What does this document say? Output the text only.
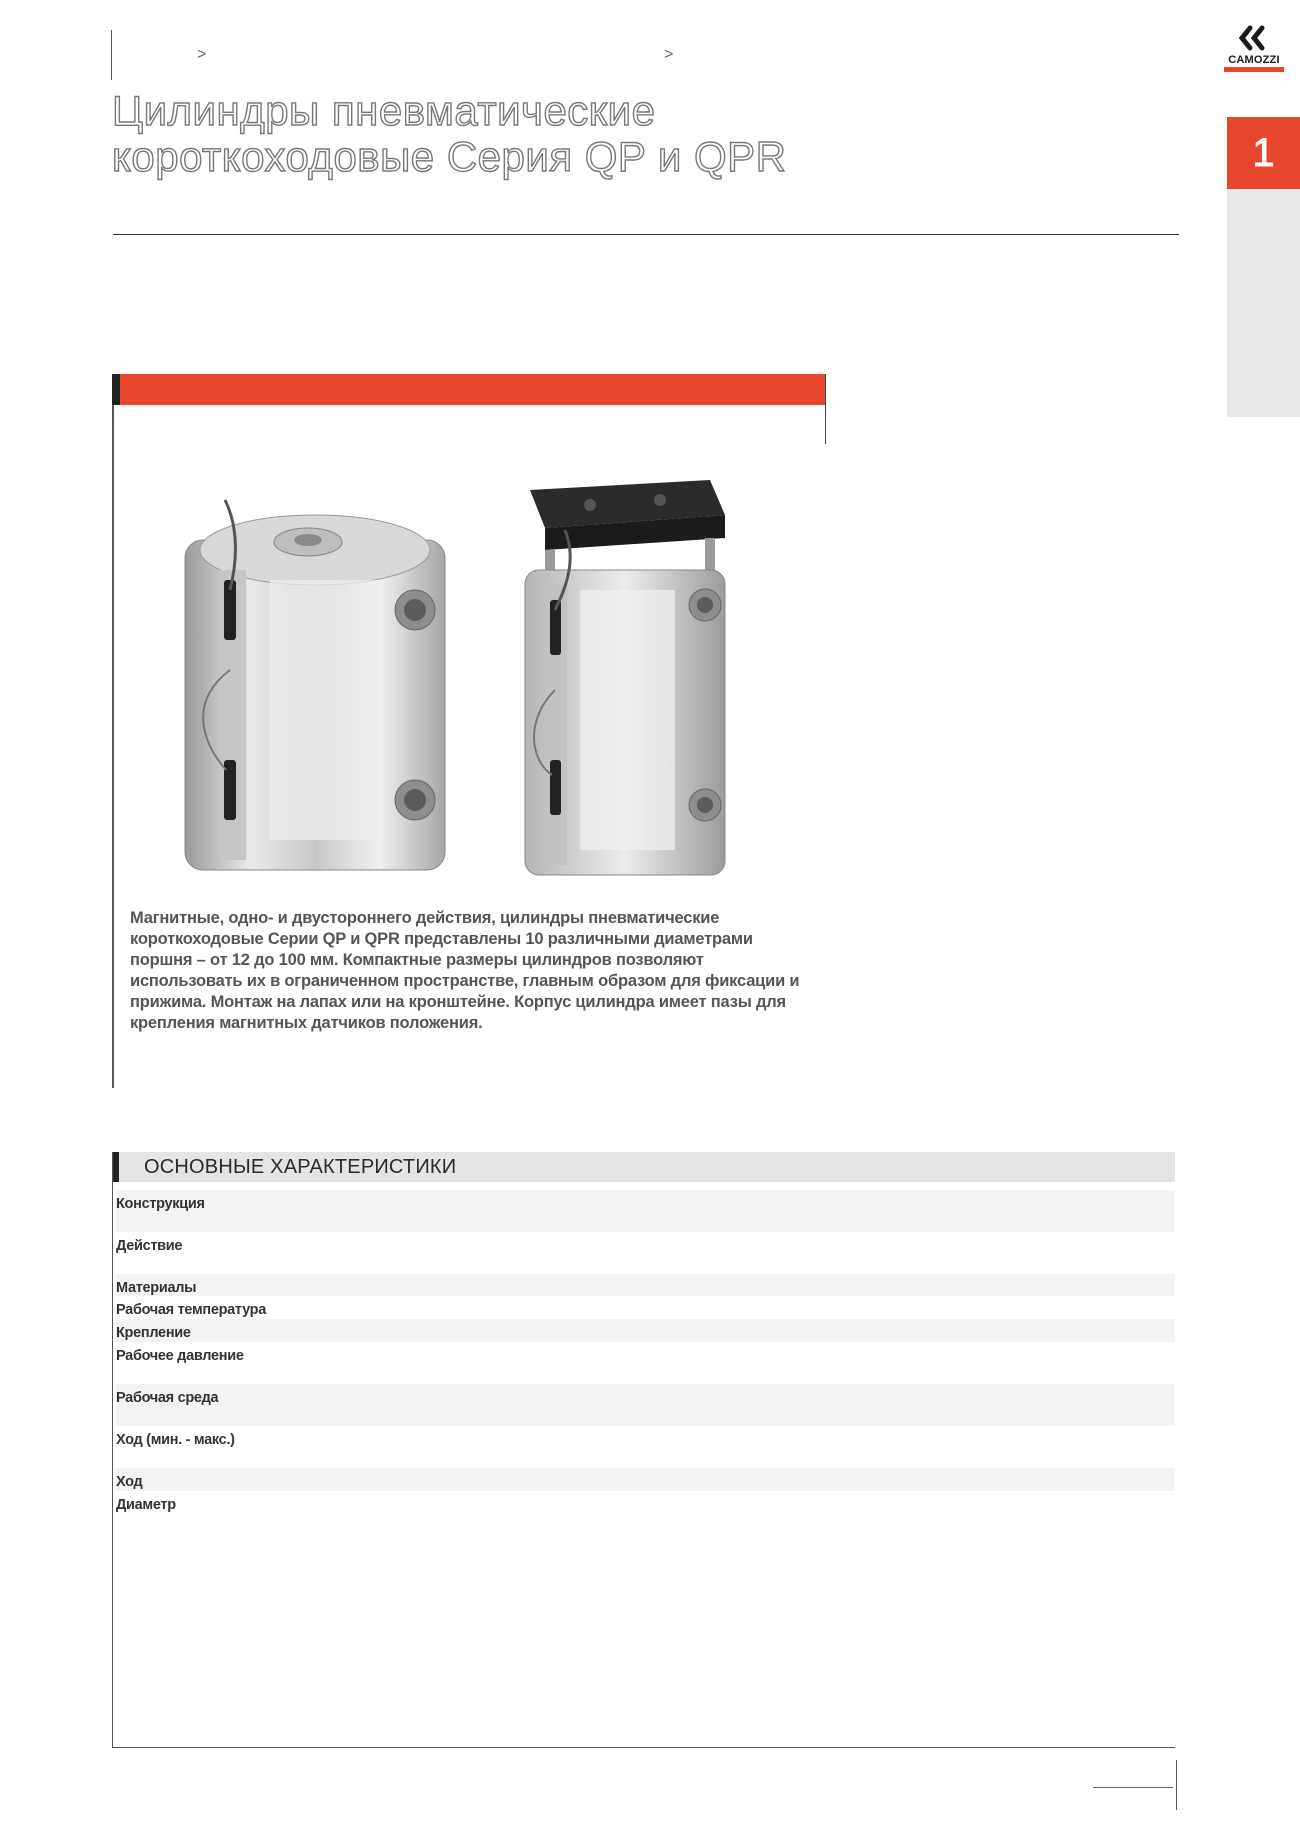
>	>
Цилиндры пневматические
короткоходовые Серия QP и QPR
CAMOZZI
1

Магнитные, одно- и двустороннего действия, цилиндры пневматические короткоходовые Серии QP и QPR представлены 10 различными диаметрами поршня – от 12 до 100 мм. Компактные размеры цилиндров позволяют использовать их в ограниченном пространстве, главным образом для фиксации и прижима. Монтаж на лапах или на кронштейне. Корпус цилиндра имеет пазы для крепления магнитных датчиков положения.

ОСНОВНЫЕ ХАРАКТЕРИСТИКИ
Конструкция
Действие
Материалы
Рабочая температура
Крепление
Рабочее давление
Рабочая среда
Ход (мин. - макс.)
Ход
Диаметр
